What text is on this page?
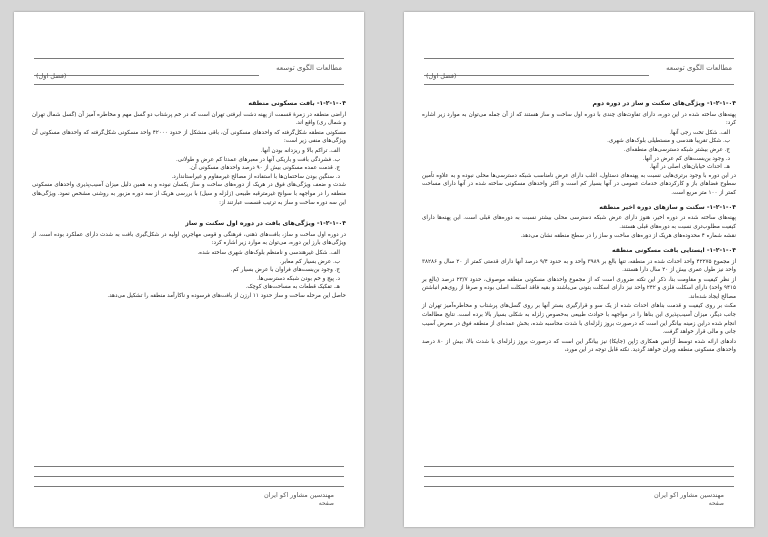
مطالعات الگوی توسعه
(فصل اول)
۱-۲-۱-۰۴- بافت مسکونی منطقه

اراضی منطقه در زمرهٔ قسمت از پهنه دشت ابرفتی تهران است که در خم پرشتاب دو گسل مهم و مخاطره آمیز آن (گسل شمال تهران و شمال ری) واقع اند.

مسکونی منطقه شکل‌گرفته که واحدهای مسکونی آن، باقی منشکل از حدود ۴۲۰۰۰ واحد مسکونی شکل‌گرفته که واحدهای مسکونی آن ویژگی‌های منفی زیر است:

الف. تراکم بالا و ریزدانه بودن آنها.

ب. فشردگی بافت و باریکی آنها در معبرهای عمدتا کم عرض و طولانی.

ج. قدمت عمده مسکونی بیش از ۹۰ درصد واحدهای مسکونی آن.

د. سنگین بودن ساختمان‌ها با استفاده از مصالح غیرمقاوم و غیراستاندارد.

شدت و ضعف ویژگی‌های فوق در هریک از دوره‌های ساخت و ساز یکسان نبوده و به همین دلیل میزان آسیب‌پذیری واحدهای مسکونی منطقه را در مواجهه با سوانح غیرمترقبه طبیعی (زلزله و سیل) با بررسی هریک از سه دوره مزبور به روشنی مشخص نمود. ویژگی‌های این سه دوره ساخت و ساز به ترتیب قسمت عبارتند از:

۱-۲-۱-۰۴- ویژگی‌های بافت در دوره اول سکنت و ساز

در دوره اول ساخت و ساز، بافت‌های ذهنی، فرهنگی و قومی مهاجرین اولیه در شکل‌گیری بافت به شدت دارای عملکرد بوده است. از ویژگی‌های بارز این دوره، می‌توان به موارد زیر اشاره کرد:

الف. شکل غیرهندسی و نامنظم بلوک‌های شهری ساخته شده.

ب. عرض بسیار کم معابر.

ج. وجود بن‌بست‌های فراوان با عرض بسیار کم.

د. پیچ و خم بودن شبکه دسترسی‌ها.

هـ. تفکیک قطعات به مساحت‌های کوچک.

حاصل این مرحله ساخت و ساز حدود ۱۱ ارزن از بافت‌های فرسوده و ناکارآمد منطقه را تشکیل می‌دهد.

مهندسین مشاور اکو ایران
صفحه
مطالعات الگوی توسعه
(فصل اول)
۱-۲-۱-۰۴- ویژگی‌های سکنت و ساز در دوره دوم

پهنه‌های ساخته شده در این دوره، دارای تفاوت‌های چندی با دوره اول ساخت و ساز هستند که از آن جمله می‌توان به موارد زیر اشاره کرد:

الف. شکل تخت رجی آنها.

ب. شکل تقریبا هندسی و مستطیلی بلوک‌های شهری.

ج. عرض بیشتر شبکه دسترسی‌های منطقه‌ای.

د. وجود بن‌بست‌های کم عرض در آنها.

هـ. احداث خیابان‌های اصلی در آنها.

در این دوره با وجود برتری‌هایی نسبت به پهنه‌های دستاول، اغلب دارای عرض نامناسب شبکه دسترسی‌ها محلی نبوده و به علاوه تأمین سطوح فضاهای باز و کارکردهای خدمات عمومی در آنها بسیار کم است و اکثر واحدهای مسکونی ساخته شده در آنها دارای مساحت کمتر از ۱۰۰ متر مربع است.

۱-۲-۱-۰۴- سکنت و سازهای دوره اخیر منطقه

پهنه‌های ساخته شده در دوره اخیر، هنوز دارای عرض شبکه دسترسی محلی بیشتر نسبت به دوره‌های قبلی است. این پهنه‌ها دارای کیفیت مطلوب‌تری نسبت به دوره‌های قبلی هستند.

نقشه شماره ۴ محدوده‌های هریک از دوره‌های ساخت و ساز را در سطح منطقه نشان می‌دهد.

۱-۲-۱-۰۴- ایستایی بافت مسکونی منطقه

از مجموع ۴۲۲۷۵ واحد احداث شده در منطقه، تنها بالغ بر ۳۹۸۹ واحد و به حدود ۹/۴ درصد آنها دارای قدمتی کمتر از ۲۰ سال و ۳۸۲۸۶ واحد نیز طول عمری بیش از ۲۰ سال دارا هستند.

از نظر کیفیت و مقاومت بنا، ذکر این نکته ضروری است که از مجموع واحدهای مسکونی منطقه موصوف، حدود ۲۳/۷ درصد (بالغ بر ۹۴۱۵ واحد) دارای اسکلت فلزی و ۲۴۲ واحد نیز دارای اسکلت بتونی می‌باشند و بقیه فاقد اسکلت اصلی بوده و صرفا از روی‌هم انباشتن مصالح ایجاد شده‌اند.

مکث بر روی کیفیت و قدمت بناهای احداث شده از یک سو و قرارگیری بستر آنها بر روی گسل‌های پرشتاب و مخاطره‌آمیز تهران از جانب دیگر، میزان آسیب‌پذیری این بناها را در مواجهه با حوادث طبیعی به‌خصوص زلزله به ‌شکلی بسیار بالا برده است. نتایج مطالعات انجام شده دراین زمینه بیانگر این است که درصورت بروز زلزله‌ای با شدت محاسبه شده، بخش عمده‌ای از منطقه فوق در معرض آسیب جانی و مالی قرار خواهد گرفت.

دادهای ارائه شده توسط آژانس همکاری ژاپن (جایکا) نیز بیانگر این است که درصورت بروز زلزله‌ای با شدت بالا، بیش از ۸۰ درصد واحدهای مسکونی منطقه ویران خواهد گردید. نکته قابل توجه در این مورد،

مهندسین مشاور اکو ایران
صفحه
